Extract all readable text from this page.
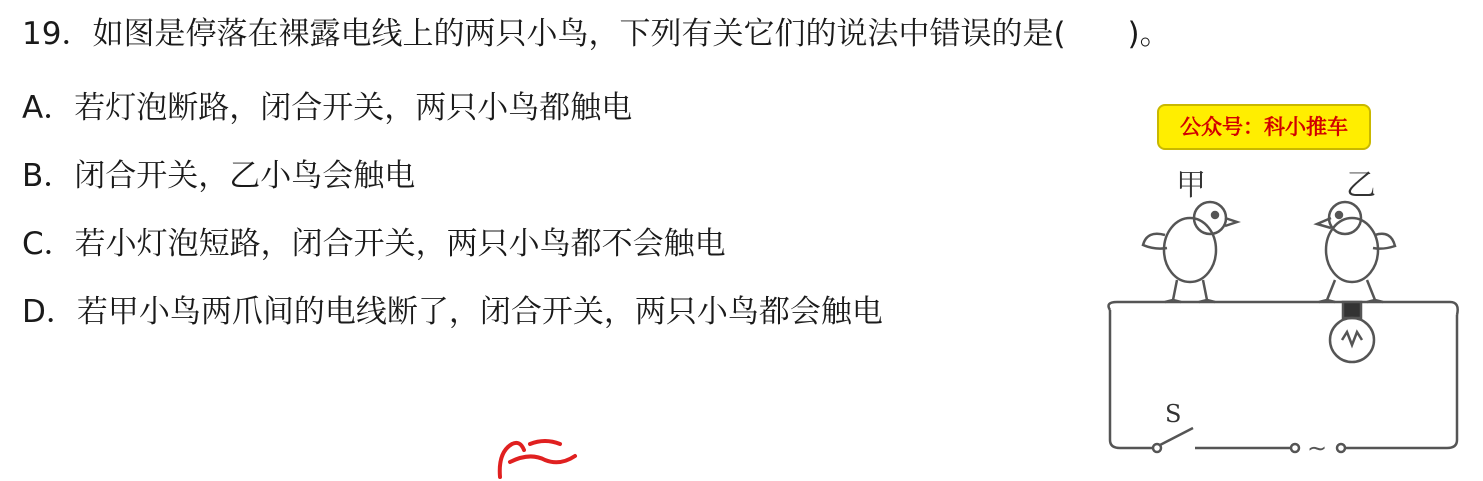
19．如图是停落在裸露电线上的两只小鸟，下列有关它们的说法中错误的是(　　)。
A．若灯泡断路，闭合开关，两只小鸟都触电
B．闭合开关，乙小鸟会触电
C．若小灯泡短路，闭合开关，两只小鸟都不会触电
D．若甲小鸟两爪间的电线断了，闭合开关，两只小鸟都会触电
公众号：科小推车
甲	乙
S
∼
